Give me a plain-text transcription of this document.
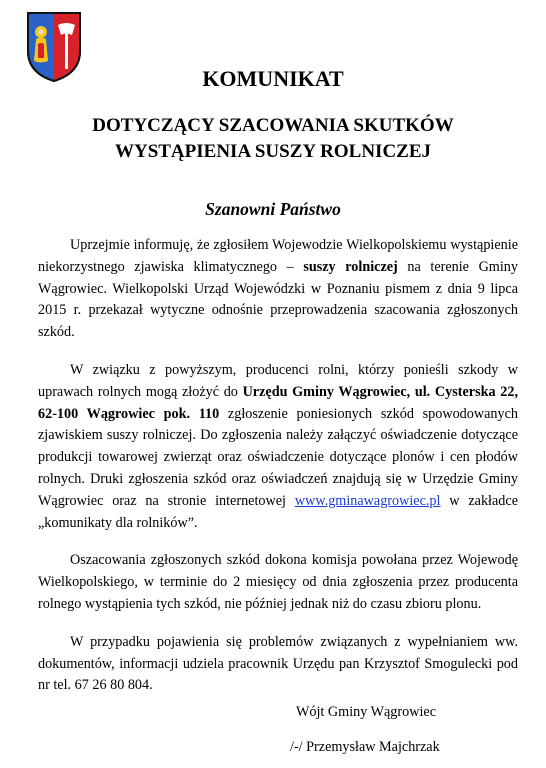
KOMUNIKAT
DOTYCZĄCY SZACOWANIA SKUTKÓW
WYSTĄPIENIA SUSZY ROLNICZEJ
Szanowni Państwo

Uprzejmie informuję, że zgłosiłem Wojewodzie Wielkopolskiemu wystąpienie niekorzystnego zjawiska klimatycznego – suszy rolniczej na terenie Gminy Wągrowiec. Wielkopolski Urząd Wojewódzki w Poznaniu pismem z dnia 9 lipca 2015 r. przekazał wytyczne odnośnie przeprowadzenia szacowania zgłoszonych szkód.

W związku z powyższym, producenci rolni, którzy ponieśli szkody w uprawach rolnych mogą złożyć do Urzędu Gminy Wągrowiec, ul. Cysterska 22, 62-100 Wągrowiec pok. 110 zgłoszenie poniesionych szkód spowodowanych zjawiskiem suszy rolniczej. Do zgłoszenia należy załączyć oświadczenie dotyczące produkcji towarowej zwierząt oraz oświadczenie dotyczące plonów i cen płodów rolnych. Druki zgłoszenia szkód oraz oświadczeń znajdują się w Urzędzie Gminy Wągrowiec oraz na stronie internetowej www.gminawagrowiec.pl w zakładce „komunikaty dla rolników”.

Oszacowania zgłoszonych szkód dokona komisja powołana przez Wojewodę Wielkopolskiego, w terminie do 2 miesięcy od dnia zgłoszenia przez producenta rolnego wystąpienia tych szkód, nie później jednak niż do czasu zbioru plonu.

W przypadku pojawienia się problemów związanych z wypełnianiem ww. dokumentów, informacji udziela pracownik Urzędu pan Krzysztof Smogulecki pod nr tel. 67 26 80 804.

Wójt Gminy Wągrowiec
/-/ Przemysław Majchrzak
